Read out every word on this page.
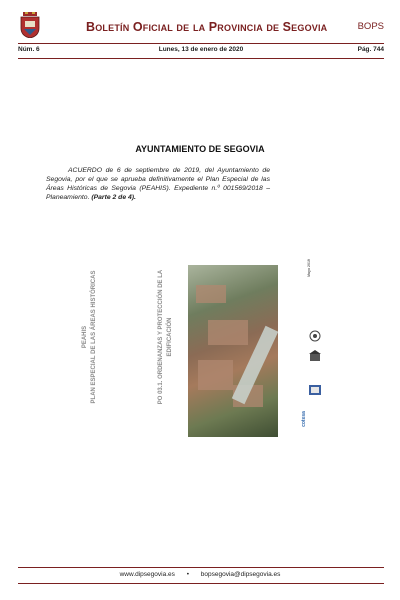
Boletín Oficial de la Provincia de Segovia	BOPS
Núm. 6	Lunes, 13 de enero de 2020	Pág. 744
AYUNTAMIENTO DE SEGOVIA
ACUERDO de 6 de septiembre de 2019, del Ayuntamiento de Segovia, por el que se aprueba definitivamente el Plan Especial de las Áreas Históricas de Segovia (PEAHIS). Expediente n.º 001569/2018 – Planeamiento. (Parte 2 de 4).
PEAHIS PLAN ESPECIAL DE LAS ÁREAS HISTÓRICAS	PO 03.1. ORDENANZAS Y PROTECCIÓN DE LA EDIFICACIÓN
Mayo 2019
cotesa
www.dipsegovia.es • bopsegovia@dipsegovia.es
